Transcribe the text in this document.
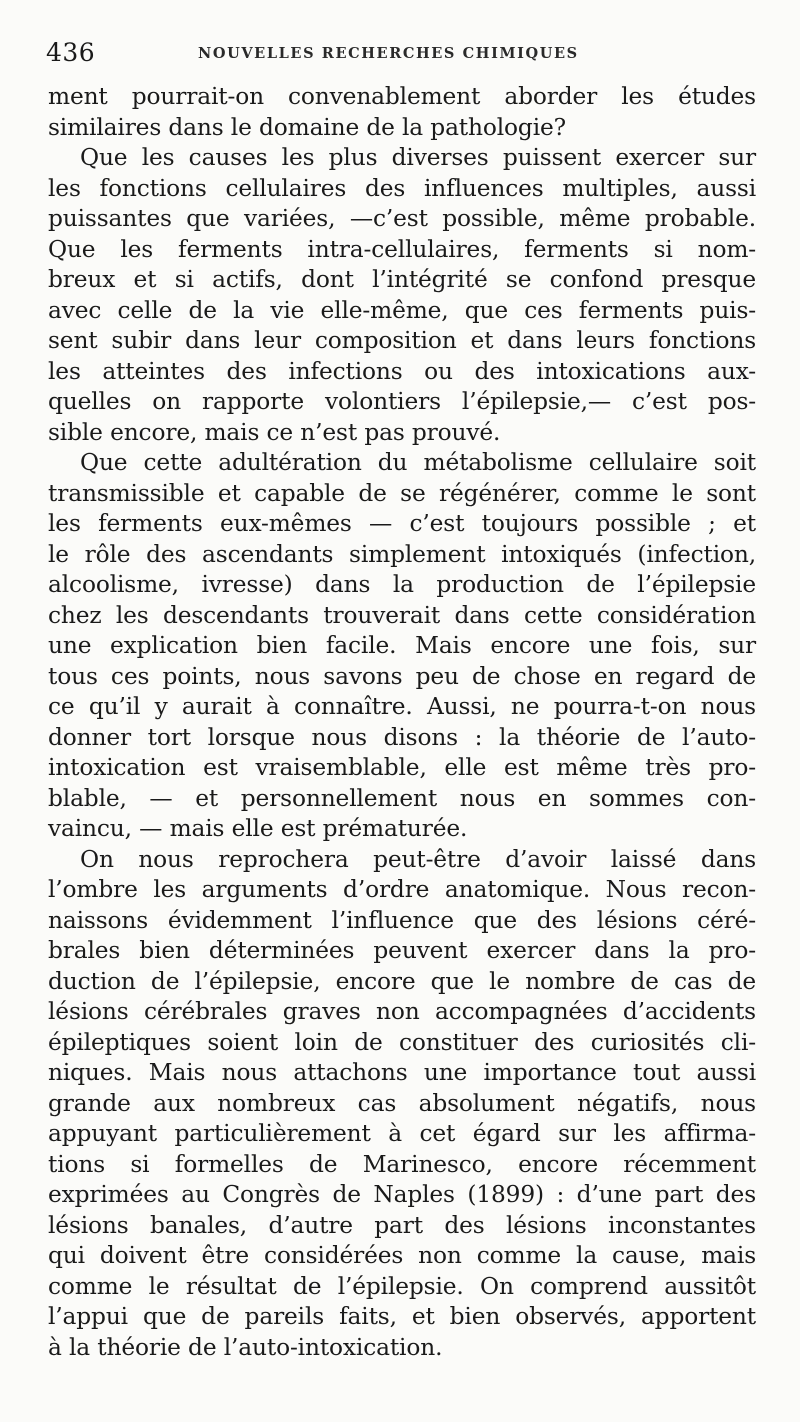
436	NOUVELLES RECHERCHES CHIMIQUES
ment pourrait-on convenablement aborder les études
similaires dans le domaine de la pathologie?
Que les causes les plus diverses puissent exercer sur
les fonctions cellulaires des influences multiples, aussi
puissantes que variées, —c’est possible, même probable.
Que les ferments intra-cellulaires, ferments si nom-
breux et si actifs, dont l’intégrité se confond presque
avec celle de la vie elle-même, que ces ferments puis-
sent subir dans leur composition et dans leurs fonctions
les atteintes des infections ou des intoxications aux-
quelles on rapporte volontiers l’épilepsie,— c’est pos-
sible encore, mais ce n’est pas prouvé.
Que cette adultération du métabolisme cellulaire soit
transmissible et capable de se régénérer, comme le sont
les ferments eux-mêmes — c’est toujours possible ; et
le rôle des ascendants simplement intoxiqués (infection,
alcoolisme, ivresse) dans la production de l’épilepsie
chez les descendants trouverait dans cette considération
une explication bien facile. Mais encore une fois, sur
tous ces points, nous savons peu de chose en regard de
ce qu’il y aurait à connaître. Aussi, ne pourra-t-on nous
donner tort lorsque nous disons : la théorie de l’auto-
intoxication est vraisemblable, elle est même très pro-
blable, — et personnellement nous en sommes con-
vaincu, — mais elle est prématurée.
On nous reprochera peut-être d’avoir laissé dans
l’ombre les arguments d’ordre anatomique. Nous recon-
naissons évidemment l’influence que des lésions céré-
brales bien déterminées peuvent exercer dans la pro-
duction de l’épilepsie, encore que le nombre de cas de
lésions cérébrales graves non accompagnées d’accidents
épileptiques soient loin de constituer des curiosités cli-
niques. Mais nous attachons une importance tout aussi
grande aux nombreux cas absolument négatifs, nous
appuyant particulièrement à cet égard sur les affirma-
tions si formelles de Marinesco, encore récemment
exprimées au Congrès de Naples (1899) : d’une part des
lésions banales, d’autre part des lésions inconstantes
qui doivent être considérées non comme la cause, mais
comme le résultat de l’épilepsie. On comprend aussitôt
l’appui que de pareils faits, et bien observés, apportent
à la théorie de l’auto-intoxication.
